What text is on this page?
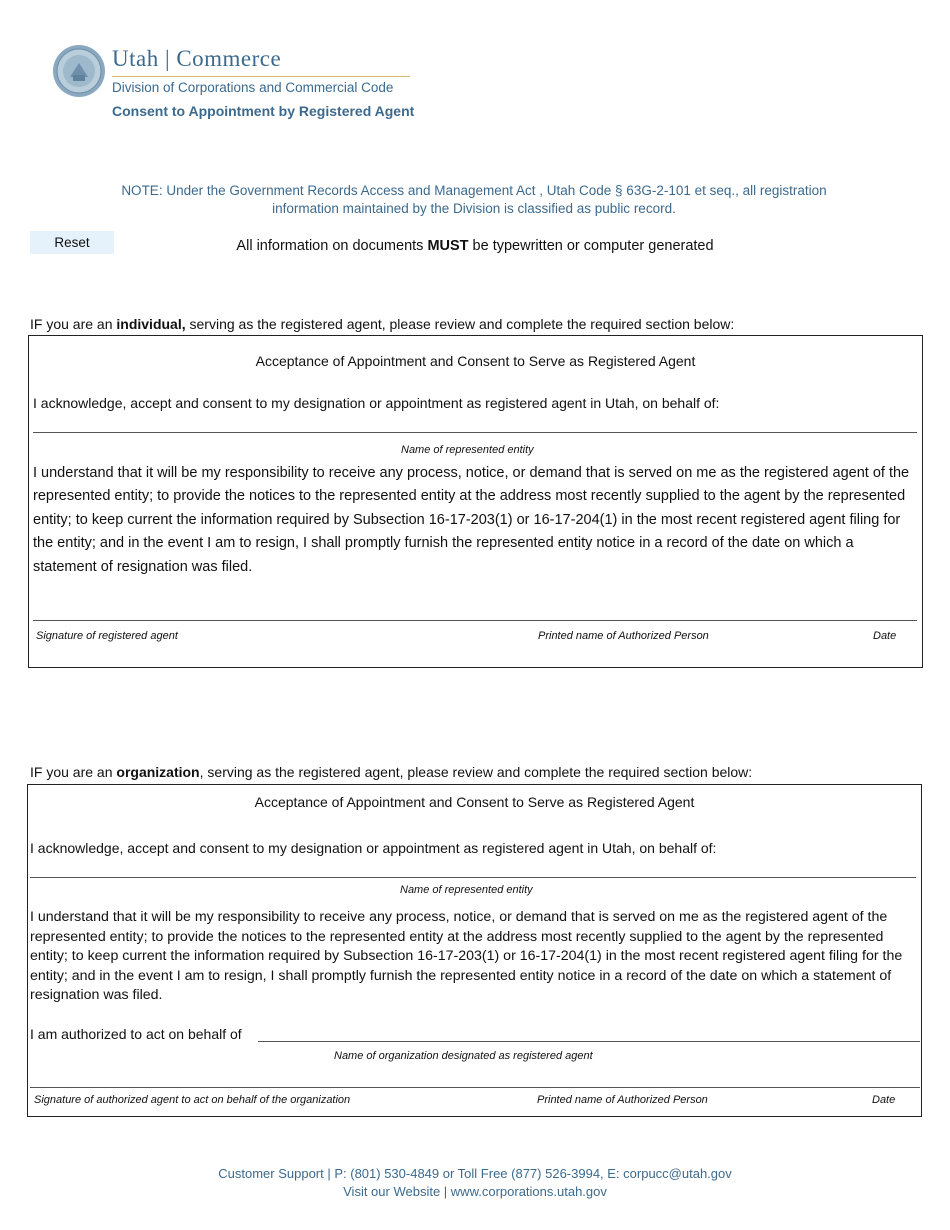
Utah | Commerce
Division of Corporations and Commercial Code
Consent to Appointment by Registered Agent
NOTE: Under the Government Records Access and Management Act , Utah Code § 63G-2-101 et seq., all registration information maintained by the Division is classified as public record.
Reset	All information on documents MUST be typewritten or computer generated
IF you are an individual, serving as the registered agent, please review and complete the required section below:
Acceptance of Appointment and Consent to Serve as Registered Agent
I acknowledge, accept and consent to my designation or appointment as registered agent in Utah, on behalf of:
Name of represented entity
I understand that it will be my responsibility to receive any process, notice, or demand that is served on me as the registered agent of the represented entity; to provide the notices to the represented entity at the address most recently supplied to the agent by the represented entity; to keep current the information required by Subsection 16-17-203(1) or 16-17-204(1) in the most recent registered agent filing for the entity; and in the event I am to resign, I shall promptly furnish the represented entity notice in a record of the date on which a statement of resignation was filed.
Signature of registered agent	Printed name of Authorized Person	Date
IF you are an organization, serving as the registered agent, please review and complete the required section below:
Acceptance of Appointment and Consent to Serve as Registered Agent
I acknowledge, accept and consent to my designation or appointment as registered agent in Utah, on behalf of:
Name of represented entity
I understand that it will be my responsibility to receive any process, notice, or demand that is served on me as the registered agent of the represented entity; to provide the notices to the represented entity at the address most recently supplied to the agent by the represented entity; to keep current the information required by Subsection 16-17-203(1) or 16-17-204(1) in the most recent registered agent filing for the entity; and in the event I am to resign, I shall promptly furnish the represented entity notice in a record of the date on which a statement of resignation was filed.
I am authorized to act on behalf of
Name of organization designated as registered agent
Signature of authorized agent to act on behalf of the organization	Printed name of Authorized Person	Date
Customer Support | P: (801) 530-4849 or Toll Free (877) 526-3994, E: corpucc@utah.gov
Visit our Website | www.corporations.utah.gov
